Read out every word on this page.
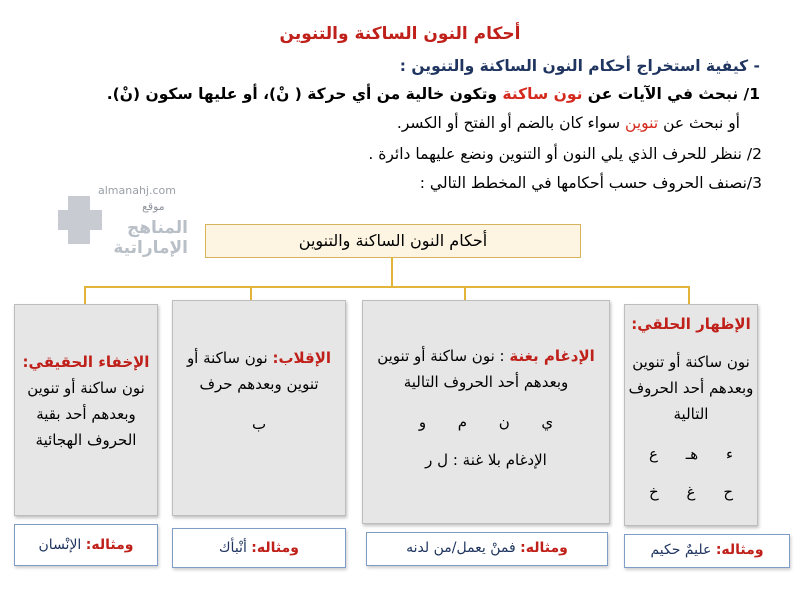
أحكام النون الساكنة والتنوين
- كيفية استخراج أحكام النون الساكنة والتنوين :
1/ نبحث في الآيات عن نون ساكنة وتكون خالية من أي حركة ( نْ)، أو عليها سكون (نْ).
أو نبحث عن تنوين سواء كان بالضم أو الفتح أو الكسر.
2/ ننظر للحرف الذي يلي النون أو التنوين ونضع عليهما دائرة .
3/نصنف الحروف حسب أحكامها في المخطط التالي :
almanahj.com
موقع
المناهج الإماراتية	أحكام النون الساكنة والتنوين
الإظهار الحلقي:
نون ساكنة أو تنوين
وبعدهم أحد الحروف
التالية
ء
هـ
ع
ح
غ
خ
الإدغام بغنة : نون ساكنة أو تنوين
وبعدهم أحد الحروف التالية
ي
ن
م
و
الإدغام بلا غنة : ل ر
الإقلاب: نون ساكنة أو
تنوين وبعدهم حرف
ب
الإخفاء الحقيقي:
نون ساكنة أو تنوين
وبعدهم أحد بقية
الحروف الهجائية
ومثاله: عليمٌ حكيم
ومثاله: فمنْ يعمل/من لدنه
ومثاله: أنْبأك
ومثاله: الإنْسان
